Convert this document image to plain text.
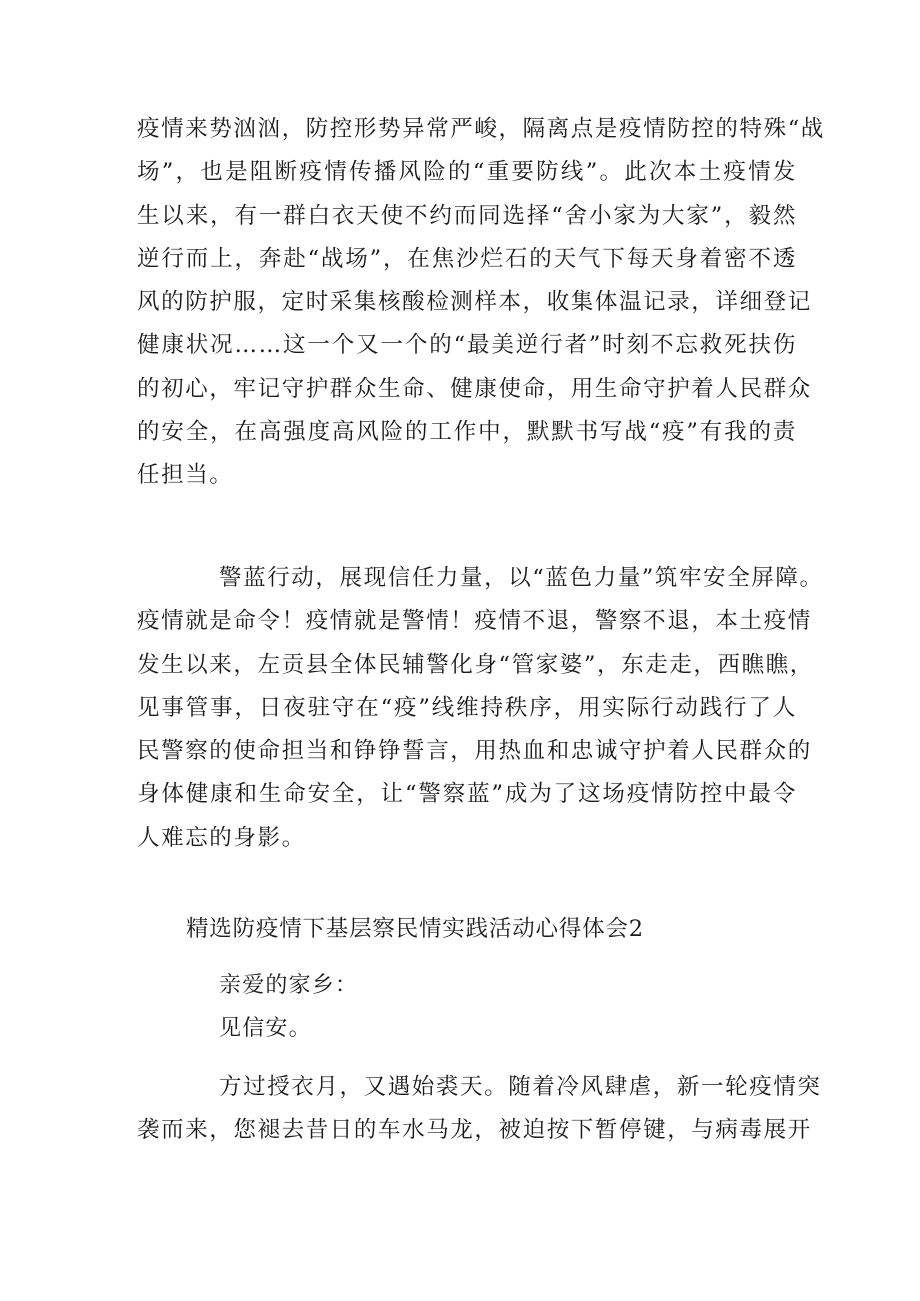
疫情来势汹汹，防控形势异常严峻，隔离点是疫情防控的特殊“战
场”，也是阻断疫情传播风险的“重要防线”。此次本土疫情发
生以来，有一群白衣天使不约而同选择“舍小家为大家”，毅然
逆行而上，奔赴“战场”，在焦沙烂石的天气下每天身着密不透
风的防护服，定时采集核酸检测样本，收集体温记录，详细登记
健康状况……这一个又一个的“最美逆行者”时刻不忘救死扶伤
的初心，牢记守护群众生命、健康使命，用生命守护着人民群众
的安全，在高强度高风险的工作中，默默书写战“疫”有我的责
任担当。
警蓝行动，展现信任力量，以“蓝色力量”筑牢安全屏障。
疫情就是命令！疫情就是警情！疫情不退，警察不退，本土疫情
发生以来，左贡县全体民辅警化身“管家婆”，东走走，西瞧瞧，
见事管事，日夜驻守在“疫”线维持秩序，用实际行动践行了人
民警察的使命担当和铮铮誓言，用热血和忠诚守护着人民群众的
身体健康和生命安全，让“警察蓝”成为了这场疫情防控中最令
人难忘的身影。
精选防疫情下基层察民情实践活动心得体会2

亲爱的家乡：

见信安。

方过授衣月，又遇始裘天。随着冷风肆虐，新一轮疫情突
袭而来，您褪去昔日的车水马龙，被迫按下暂停键，与病毒展开
